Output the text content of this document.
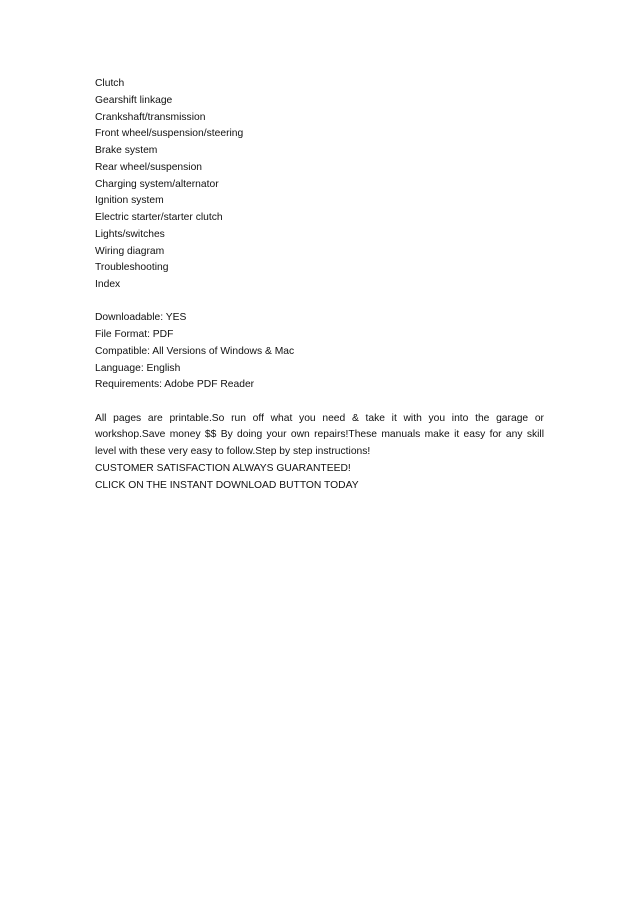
Clutch
Gearshift linkage
Crankshaft/transmission
Front wheel/suspension/steering
Brake system
Rear wheel/suspension
Charging system/alternator
Ignition system
Electric starter/starter clutch
Lights/switches
Wiring diagram
Troubleshooting
Index
Downloadable: YES
File Format: PDF
Compatible: All Versions of Windows & Mac
Language: English
Requirements: Adobe PDF Reader

All pages are printable.So run off what you need & take it with you into the garage or workshop.Save money $$ By doing your own repairs!These manuals make it easy for any skill level with these very easy to follow.Step by step instructions!

CUSTOMER SATISFACTION ALWAYS GUARANTEED!
CLICK ON THE INSTANT DOWNLOAD BUTTON TODAY
